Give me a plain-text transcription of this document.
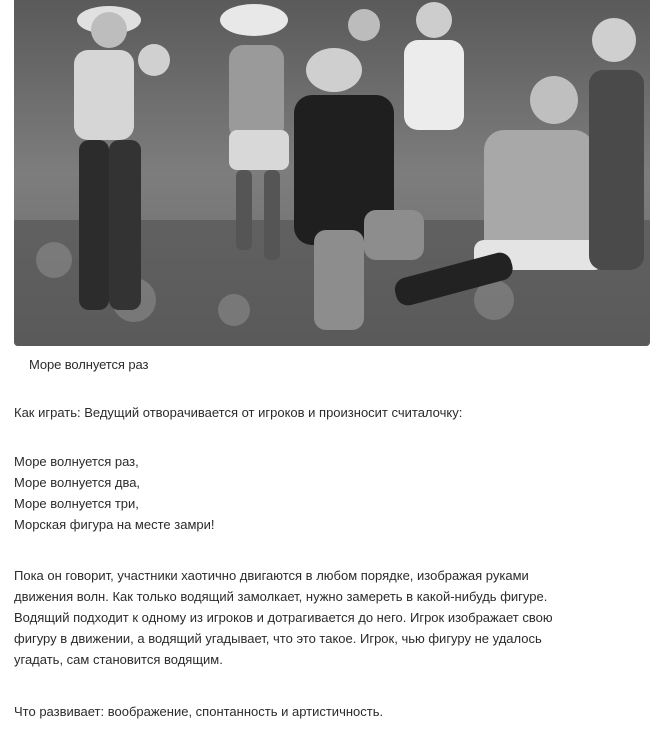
Море волнуется раз

Как играть: Ведущий отворачивается от игроков и произносит считалочку:

Море волнуется раз,

Море волнуется два,

Море волнуется три,

Морская фигура на месте замри!

Пока он говорит, участники хаотично двигаются в любом порядке, изображая руками

движения волн. Как только водящий замолкает, нужно замереть в какой-нибудь фигуре.

Водящий подходит к одному из игроков и дотрагивается до него. Игрок изображает свою

фигуру в движении, а водящий угадывает, что это такое. Игрок, чью фигуру не удалось

угадать, сам становится водящим.

Что развивает: воображение, спонтанность и артистичность.
